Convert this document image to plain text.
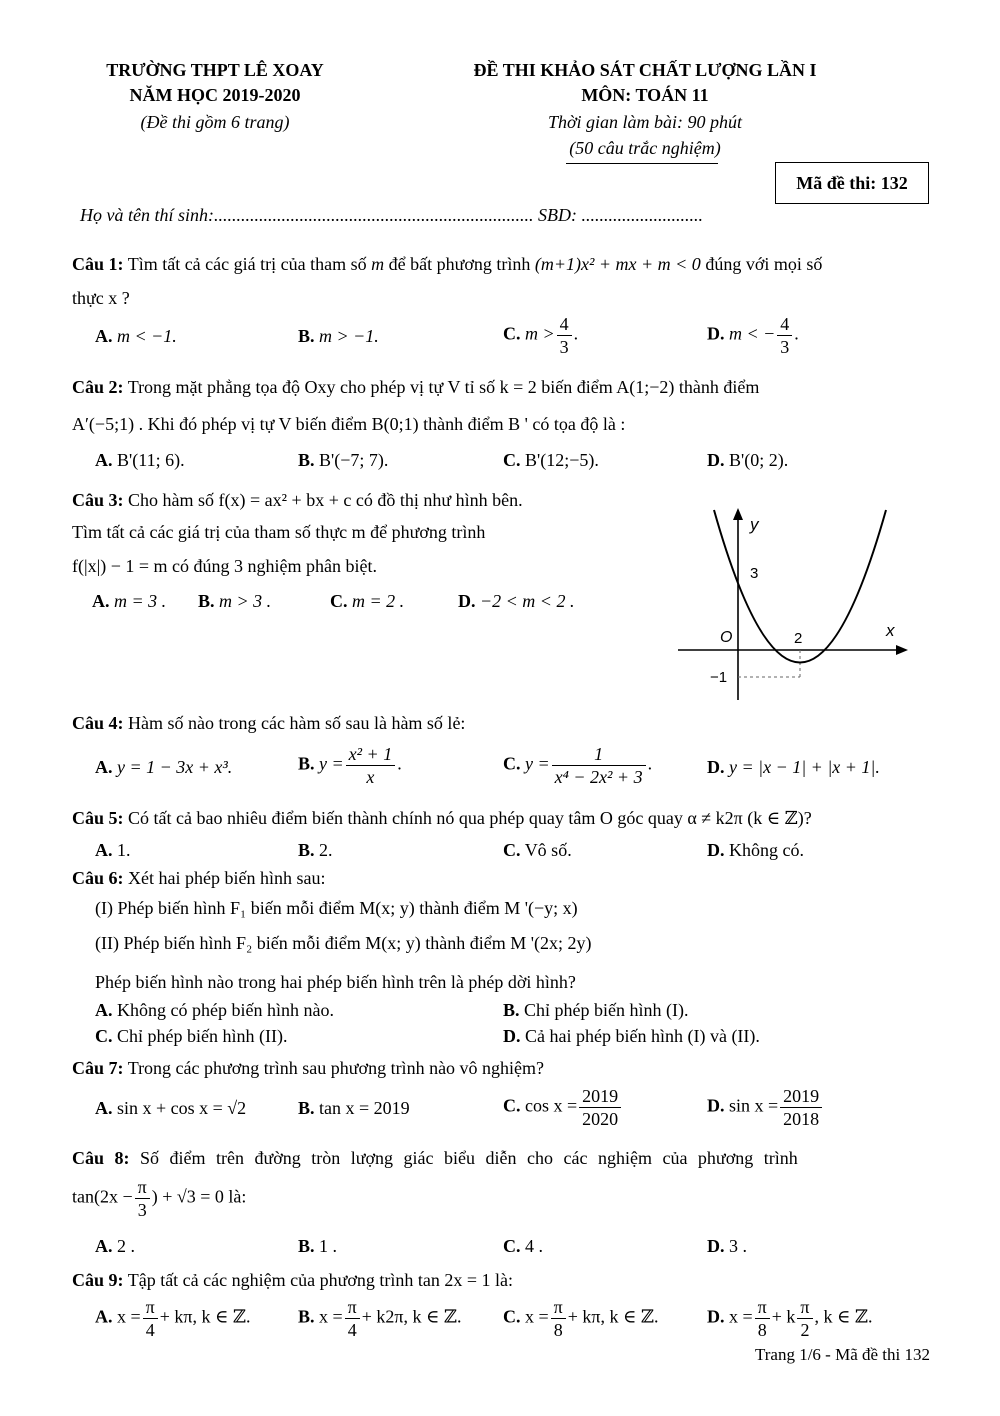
TRƯỜNG THPT LÊ XOAY
NĂM HỌC 2019-2020
(Đề thi gồm 6 trang)
ĐỀ THI KHẢO SÁT CHẤT LƯỢNG LẦN I
MÔN: TOÁN 11
Thời gian làm bài: 90 phút
(50 câu trắc nghiệm)
Mã đề thi: 132
Họ và tên thí sinh:....................................................................... SBD: ...........................
Câu 1: Tìm tất cả các giá trị của tham số m để bất phương trình (m+1)x² + mx + m < 0 đúng với mọi số
thực x ?
A. m < −1.	B. m > −1.	C. $m > \frac{4}{3}$ .	D. m < − $\frac{4}{3}$ .
Câu 2: Trong mặt phẳng tọa độ Oxy cho phép vị tự V tỉ số k = 2 biến điểm A(1;−2) thành điểm
A′(−5;1) . Khi đó phép vị tự V biến điểm B(0;1) thành điểm B ' có tọa độ là :
A. B'(11; 6).	B. B'(−7; 7).	C. B'(12;−5).	D. B'(0; 2).
Câu 3: Cho hàm số f(x) = ax² + bx + c có đồ thị như hình bên.
Tìm tất cả các giá trị của tham số thực m để phương trình
f(|x|) − 1 = m có đúng 3 nghiệm phân biệt.
A. m = 3 . B. m > 3 .	C. m = 2 .	D. −2 < m < 2 .
y
x
O
3
2
−1
Câu 4: Hàm số nào trong các hàm số sau là hàm số lẻ:
A. y = 1 − 3x + x³.	B. $y = \frac{\text{x² + 1}}{x}$ .	C. $y = \frac{1}{\text{x⁴ − 2x² + 3}}$ .	D. y = |x − 1| + |x + 1|.
Câu 5: Có tất cả bao nhiêu điểm biến thành chính nó qua phép quay tâm O góc quay α ≠ k2π (k ∈ ℤ)?
A. 1.	B. 2.	C. Vô số.	D. Không có.
Câu 6: Xét hai phép biến hình sau:
(I) Phép biến hình F₁ biến mỗi điểm M(x; y) thành điểm M '(−y; x)
(II) Phép biến hình F₂ biến mỗi điểm M(x; y) thành điểm M '(2x; 2y)
Phép biến hình nào trong hai phép biến hình trên là phép dời hình?
A. Không có phép biến hình nào.	B. Chỉ phép biến hình (I).
C. Chỉ phép biến hình (II).	D. Cả hai phép biến hình (I) và (II).
Câu 7: Trong các phương trình sau phương trình nào vô nghiệm?
A. sin x + cos x = √2	B. tan x = 2019	C. $\cos x = \frac{2019}{2020}$	D. $\sin x = \frac{2019}{2018}$
Câu 8: Số điểm trên đường tròn lượng giác biểu diễn cho các nghiệm của phương trình
$\tan(2x - \frac{\pi}{3}$ ) + √3 = 0 là:
A. 2 .	B. 1 .	C. 4 .	D. 3 .
Câu 9: Tập tất cả các nghiệm của phương trình tan 2x = 1 là:
A. $x = \frac{\pi}{4} + k\pi$, k ∈ ℤ.	B. $x = \frac{\pi}{4} + k2\pi$, k ∈ ℤ. C. $x = \frac{\pi}{8} + k\pi$, k ∈ ℤ.	D. $x = \frac{\pi}{8} + k \frac{\pi}{2}$ , k ∈ ℤ.
Trang 1/6 - Mã đề thi 132
